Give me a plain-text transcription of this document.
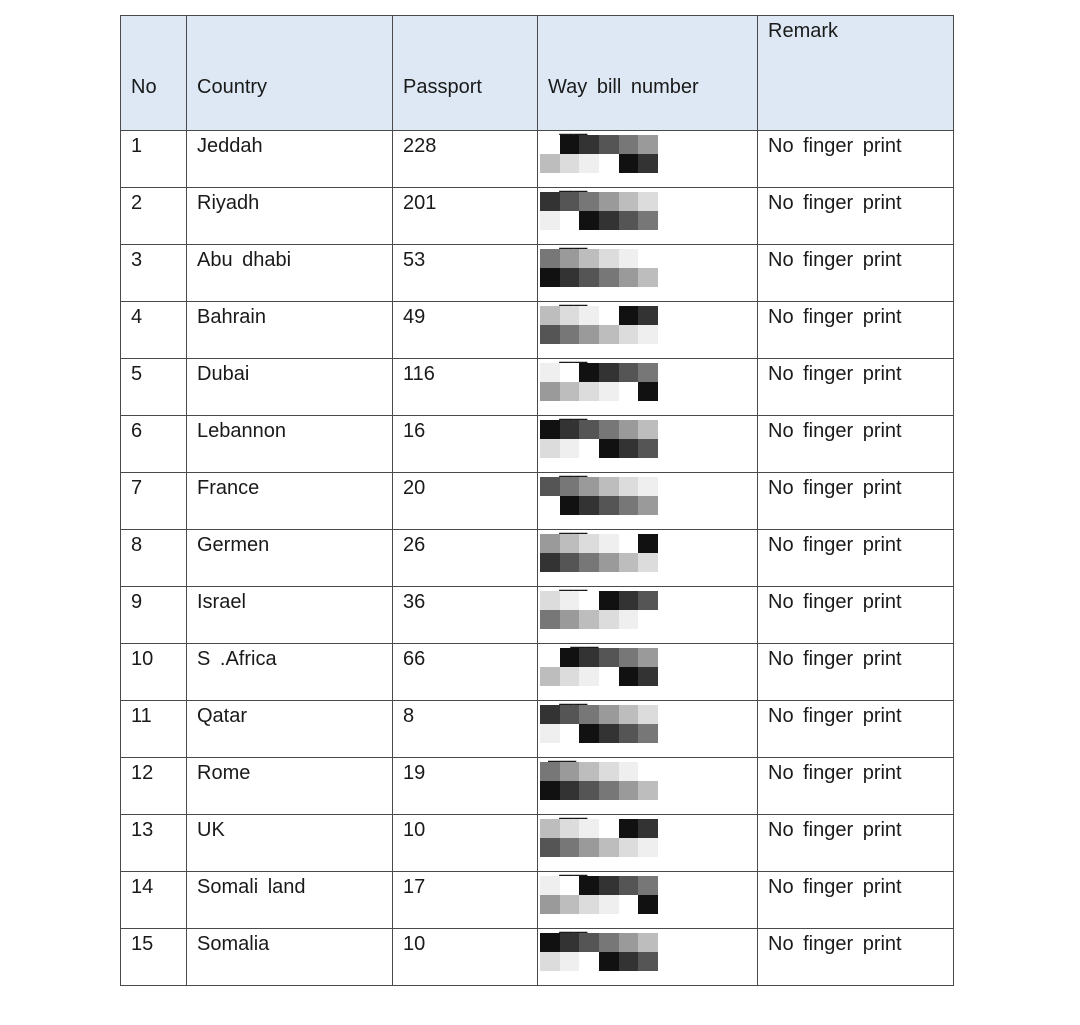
No	Country	Passport	Way bill number	Remark

1	Jeddah	228		No finger print
2	Riyadh	201		No finger print
3	Abu dhabi	53		No finger print
4	Bahrain	49		No finger print
5	Dubai	116		No finger print
6	Lebannon	16		No finger print
7	France	20		No finger print
8	Germen	26		No finger print
9	Israel	36		No finger print
10	S .Africa	66		No finger print
11	Qatar	8		No finger print
12	Rome	19		No finger print
13	UK	10		No finger print
14	Somali land	17		No finger print
15	Somalia	10		No finger print
